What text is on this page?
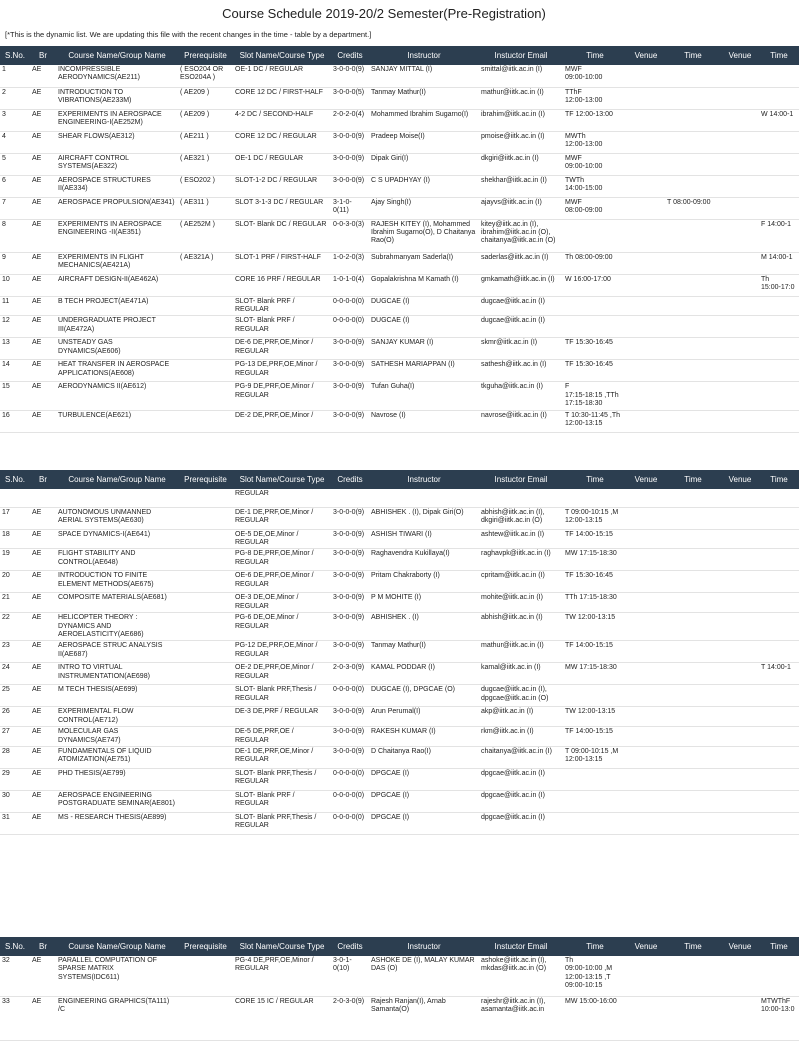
Course Schedule 2019-20/2 Semester(Pre-Registration)
[*This is the dynamic list. We are updating this file with the recent changes in the time - table by a department.]
S.No.	Br	Course Name/Group Name	Prerequisite	Slot Name/Course Type	Credits	Instructor	Instuctor Email	Time	Venue	Time	Venue	Time
1	AE	INCOMPRESSIBLE AERODYNAMICS(AE211)	( ESO204 OR ESO204A )	OE-1 DC / REGULAR	3-0-0-0(9)	SANJAY MITTAL (I)	smittal@iitk.ac.in (I)	MWF
09:00-10:00				
2	AE	INTRODUCTION TO VIBRATIONS(AE233M)	( AE209 )	CORE 12 DC / FIRST-HALF	3-0-0-0(5)	Tanmay Mathur(I)	mathur@iitk.ac.in (I)	TThF
12:00-13:00				
3	AE	EXPERIMENTS IN AEROSPACE ENGINEERING-I(AE252M)	( AE209 )	4-2 DC / SECOND-HALF	2-0-2-0(4)	Mohammed Ibrahim Sugarno(I)	ibrahim@iitk.ac.in (I)	TF 12:00-13:00				W 14:00-1
4	AE	SHEAR FLOWS(AE312)	( AE211 )	CORE 12 DC / REGULAR	3-0-0-0(9)	Pradeep Moise(I)	pmoise@iitk.ac.in (I)	MWTh
12:00-13:00				
5	AE	AIRCRAFT CONTROL SYSTEMS(AE322)	( AE321 )	OE-1 DC / REGULAR	3-0-0-0(9)	Dipak Giri(I)	dkgiri@iitk.ac.in (I)	MWF
09:00-10:00				
6	AE	AEROSPACE STRUCTURES II(AE334)	( ESO202 )	SLOT-1-2 DC / REGULAR	3-0-0-0(9)	C S UPADHYAY (I)	shekhar@iitk.ac.in (I)	TWTh
14:00-15:00				
7	AE	AEROSPACE PROPULSION(AE341)	( AE311 )	SLOT 3-1-3 DC / REGULAR	3-1-0-0(11)	Ajay Singh(I)	ajayvs@iitk.ac.in (I)	MWF
08:00-09:00		T 08:00-09:00		
8	AE	EXPERIMENTS IN AEROSPACE ENGINEERING -II(AE351)	( AE252M )	SLOT- Blank DC / REGULAR	0-0-3-0(3)	RAJESH KITEY (I), Mohammed Ibrahim Sugarno(O), D Chaitanya Rao(O)	kitey@iitk.ac.in (I), ibrahim@iitk.ac.in (O), chaitanya@iitk.ac.in (O)					F 14:00-1
9	AE	EXPERIMENTS IN FLIGHT MECHANICS(AE421A)	( AE321A )	SLOT-1 PRF / FIRST-HALF	1-0-2-0(3)	Subrahmanyam Saderla(I)	saderlas@iitk.ac.in (I)	Th 08:00-09:00				M 14:00-1
10	AE	AIRCRAFT DESIGN-II(AE462A)		CORE 16 PRF / REGULAR	1-0-1-0(4)	Gopalakrishna M Kamath (I)	gmkamath@iitk.ac.in (I)	W 16:00-17:00				Th
15:00-17:0
11	AE	B TECH PROJECT(AE471A)		SLOT- Blank PRF / REGULAR	0-0-0-0(0)	DUGCAE (I)	dugcae@iitk.ac.in (I)					
12	AE	UNDERGRADUATE PROJECT III(AE472A)		SLOT- Blank PRF / REGULAR	0-0-0-0(0)	DUGCAE (I)	dugcae@iitk.ac.in (I)					
13	AE	UNSTEADY GAS DYNAMICS(AE606)		DE-6 DE,PRF,OE,Minor / REGULAR	3-0-0-0(9)	SANJAY KUMAR (I)	skmr@iitk.ac.in (I)	TF 15:30-16:45				
14	AE	HEAT TRANSFER IN AEROSPACE APPLICATIONS(AE608)		PG-13 DE,PRF,OE,Minor / REGULAR	3-0-0-0(9)	SATHESH MARIAPPAN (I)	sathesh@iitk.ac.in (I)	TF 15:30-16:45				
15	AE	AERODYNAMICS II(AE612)		PG-9 DE,PRF,OE,Minor / REGULAR	3-0-0-0(9)	Tufan Guha(I)	tkguha@iitk.ac.in (I)	F
17:15-18:15 ,TTh
17:15-18:30				
16	AE	TURBULENCE(AE621)		DE-2 DE,PRF,OE,Minor /	3-0-0-0(9)	Navrose (I)	navrose@iitk.ac.in (I)	T 10:30-11:45 ,Th
12:00-13:15				
S.No.	Br	Course Name/Group Name	Prerequisite	Slot Name/Course Type	Credits	Instructor	Instuctor Email	Time	Venue	Time	Venue	Time
				REGULAR								
17	AE	AUTONOMOUS UNMANNED AERIAL SYSTEMS(AE630)		DE-1 DE,PRF,OE,Minor / REGULAR	3-0-0-0(9)	ABHISHEK . (I), Dipak Giri(O)	abhish@iitk.ac.in (I), dkgiri@iitk.ac.in (O)	T 09:00-10:15 ,M
12:00-13:15				
18	AE	SPACE DYNAMICS-I(AE641)		OE-5 DE,OE,Minor / REGULAR	3-0-0-0(9)	ASHISH TIWARI (I)	ashtew@iitk.ac.in (I)	TF 14:00-15:15				
19	AE	FLIGHT STABILITY AND CONTROL(AE648)		PG-8 DE,PRF,OE,Minor / REGULAR	3-0-0-0(9)	Raghavendra Kukillaya(I)	raghavpk@iitk.ac.in (I)	MW 17:15-18:30				
20	AE	INTRODUCTION TO FINITE ELEMENT METHODS(AE675)		OE-6 DE,PRF,OE,Minor / REGULAR	3-0-0-0(9)	Pritam Chakraborty (I)	cpritam@iitk.ac.in (I)	TF 15:30-16:45				
21	AE	COMPOSITE MATERIALS(AE681)		OE-3 DE,OE,Minor / REGULAR	3-0-0-0(9)	P M MOHITE (I)	mohite@iitk.ac.in (I)	TTh 17:15-18:30				
22	AE	HELICOPTER THEORY : DYNAMICS AND AEROELASTICITY(AE686)		PG-6 DE,OE,Minor / REGULAR	3-0-0-0(9)	ABHISHEK . (I)	abhish@iitk.ac.in (I)	TW 12:00-13:15				
23	AE	AEROSPACE STRUC ANALYSIS II(AE687)		PG-12 DE,PRF,OE,Minor / REGULAR	3-0-0-0(9)	Tanmay Mathur(I)	mathur@iitk.ac.in (I)	TF 14:00-15:15				
24	AE	INTRO TO VIRTUAL INSTRUMENTATION(AE698)		OE-2 DE,PRF,OE,Minor / REGULAR	2-0-3-0(9)	KAMAL PODDAR (I)	kamal@iitk.ac.in (I)	MW 17:15-18:30				T 14:00-1
25	AE	M TECH THESIS(AE699)		SLOT- Blank PRF,Thesis / REGULAR	0-0-0-0(0)	DUGCAE (I), DPGCAE (O)	dugcae@iitk.ac.in (I), dpgcae@iitk.ac.in (O)					
26	AE	EXPERIMENTAL FLOW CONTROL(AE712)		DE-3 DE,PRF / REGULAR	3-0-0-0(9)	Arun Perumal(I)	akp@iitk.ac.in (I)	TW 12:00-13:15				
27	AE	MOLECULAR GAS DYNAMICS(AE747)		DE-5 DE,PRF,OE / REGULAR	3-0-0-0(9)	RAKESH KUMAR (I)	rkm@iitk.ac.in (I)	TF 14:00-15:15				
28	AE	FUNDAMENTALS OF LIQUID ATOMIZATION(AE751)		DE-1 DE,PRF,OE,Minor / REGULAR	3-0-0-0(9)	D Chaitanya Rao(I)	chaitanya@iitk.ac.in (I)	T 09:00-10:15 ,M
12:00-13:15				
29	AE	PHD THESIS(AE799)		SLOT- Blank PRF,Thesis / REGULAR	0-0-0-0(0)	DPGCAE (I)	dpgcae@iitk.ac.in (I)					
30	AE	AEROSPACE ENGINEERING POSTGRADUATE SEMINAR(AE801)		SLOT- Blank PRF / REGULAR	0-0-0-0(0)	DPGCAE (I)	dpgcae@iitk.ac.in (I)					
31	AE	MS - RESEARCH THESIS(AE899)		SLOT- Blank PRF,Thesis / REGULAR	0-0-0-0(0)	DPGCAE (I)	dpgcae@iitk.ac.in (I)					
S.No.	Br	Course Name/Group Name	Prerequisite	Slot Name/Course Type	Credits	Instructor	Instuctor Email	Time	Venue	Time	Venue	Time
32	AE	PARALLEL COMPUTATION OF SPARSE MATRIX SYSTEMS(IDC611)		PG-4 DE,PRF,OE,Minor / REGULAR	3-0-1-0(10)	ASHOKE DE (I), MALAY KUMAR DAS (O)	ashoke@iitk.ac.in (I), mkdas@iitk.ac.in (O)	Th
09:00-10:00 ,M
12:00-13:15 ,T
09:00-10:15				
33	AE	ENGINEERING GRAPHICS(TA111) /C		CORE 15 IC / REGULAR	2-0-3-0(9)	Rajesh Ranjan(I), Arnab Samanta(O)	rajeshr@iitk.ac.in (I), asamanta@iitk.ac.in	MW 15:00-16:00				MTWThF
10:00-13:0
